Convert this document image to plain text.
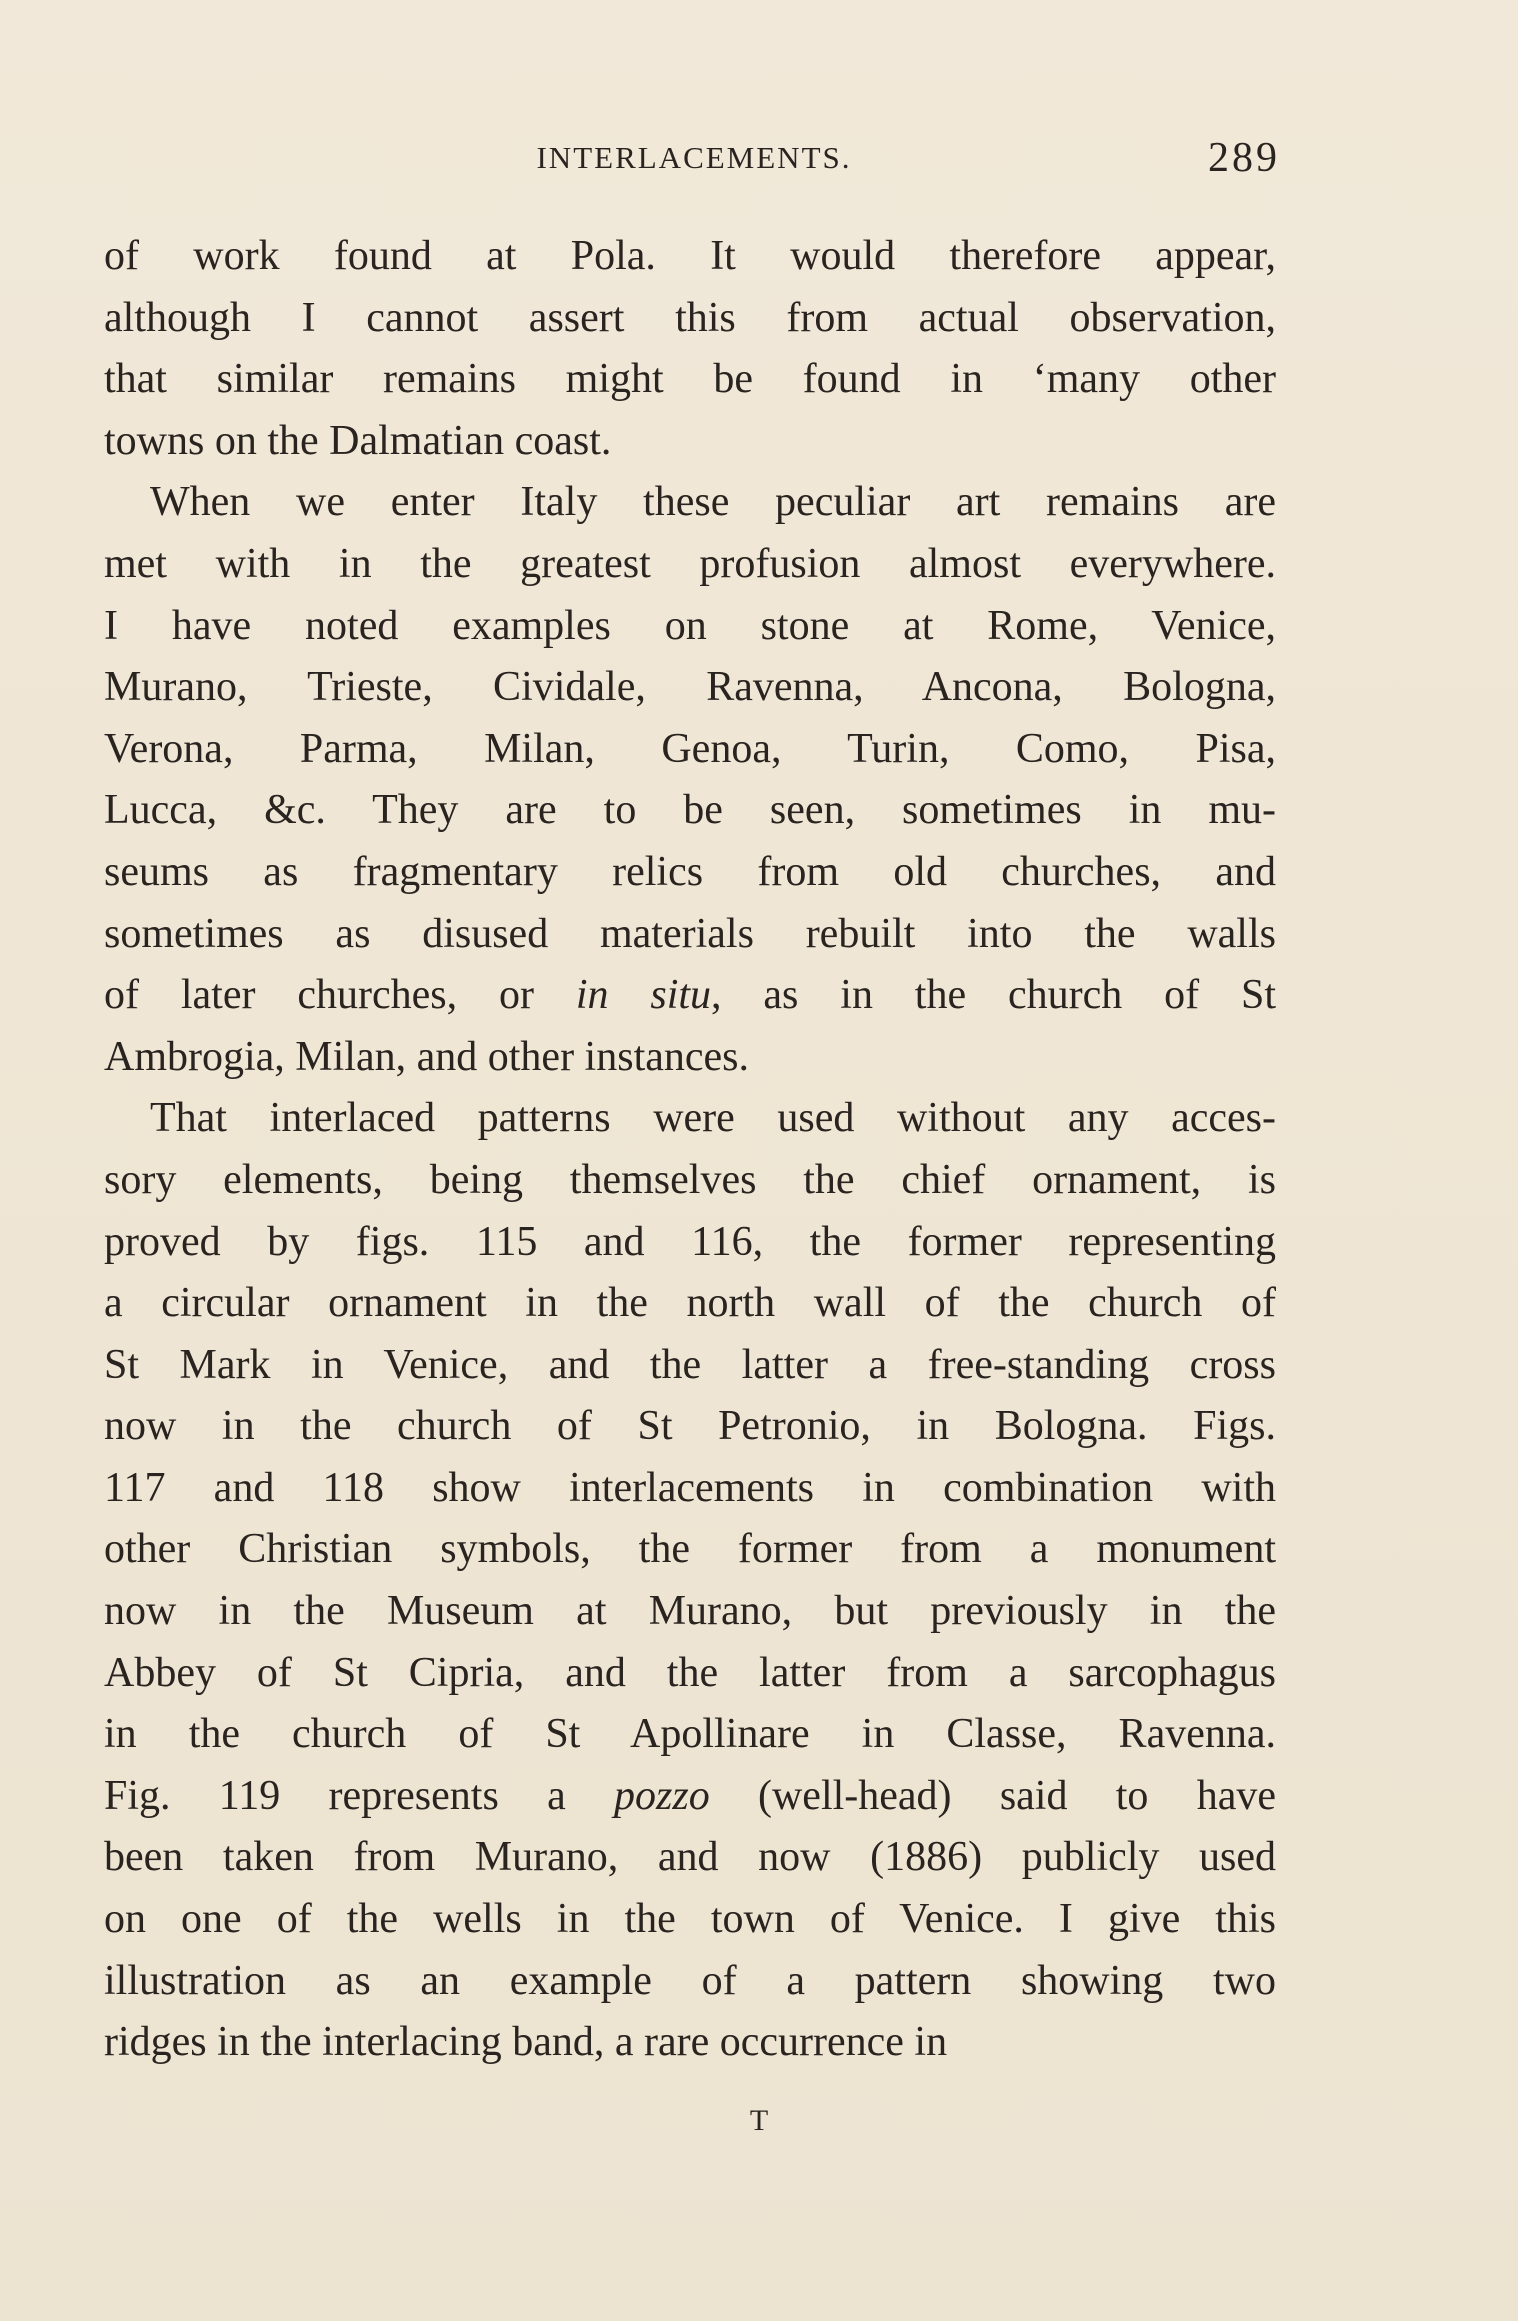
INTERLACEMENTS.	289
of work found at Pola. It would therefore appear,
although I cannot assert this from actual observation,
that similar remains might be found in ‘many other
towns on the Dalmatian coast.
When we enter Italy these peculiar art remains are
met with in the greatest profusion almost everywhere.
I have noted examples on stone at Rome, Venice,
Murano, Trieste, Cividale, Ravenna, Ancona, Bologna,
Verona, Parma, Milan, Genoa, Turin, Como, Pisa,
Lucca, &c. They are to be seen, sometimes in mu-
seums as fragmentary relics from old churches, and
sometimes as disused materials rebuilt into the walls
of later churches, or in situ, as in the church of St
Ambrogia, Milan, and other instances.
That interlaced patterns were used without any acces-
sory elements, being themselves the chief ornament, is
proved by figs. 115 and 116, the former representing
a circular ornament in the north wall of the church of
St Mark in Venice, and the latter a free-standing cross
now in the church of St Petronio, in Bologna. Figs.
117 and 118 show interlacements in combination with
other Christian symbols, the former from a monument
now in the Museum at Murano, but previously in the
Abbey of St Cipria, and the latter from a sarcophagus
in the church of St Apollinare in Classe, Ravenna.
Fig. 119 represents a pozzo (well-head) said to have
been taken from Murano, and now (1886) publicly used
on one of the wells in the town of Venice. I give this
illustration as an example of a pattern showing two
ridges in the interlacing band, a rare occurrence in
T
